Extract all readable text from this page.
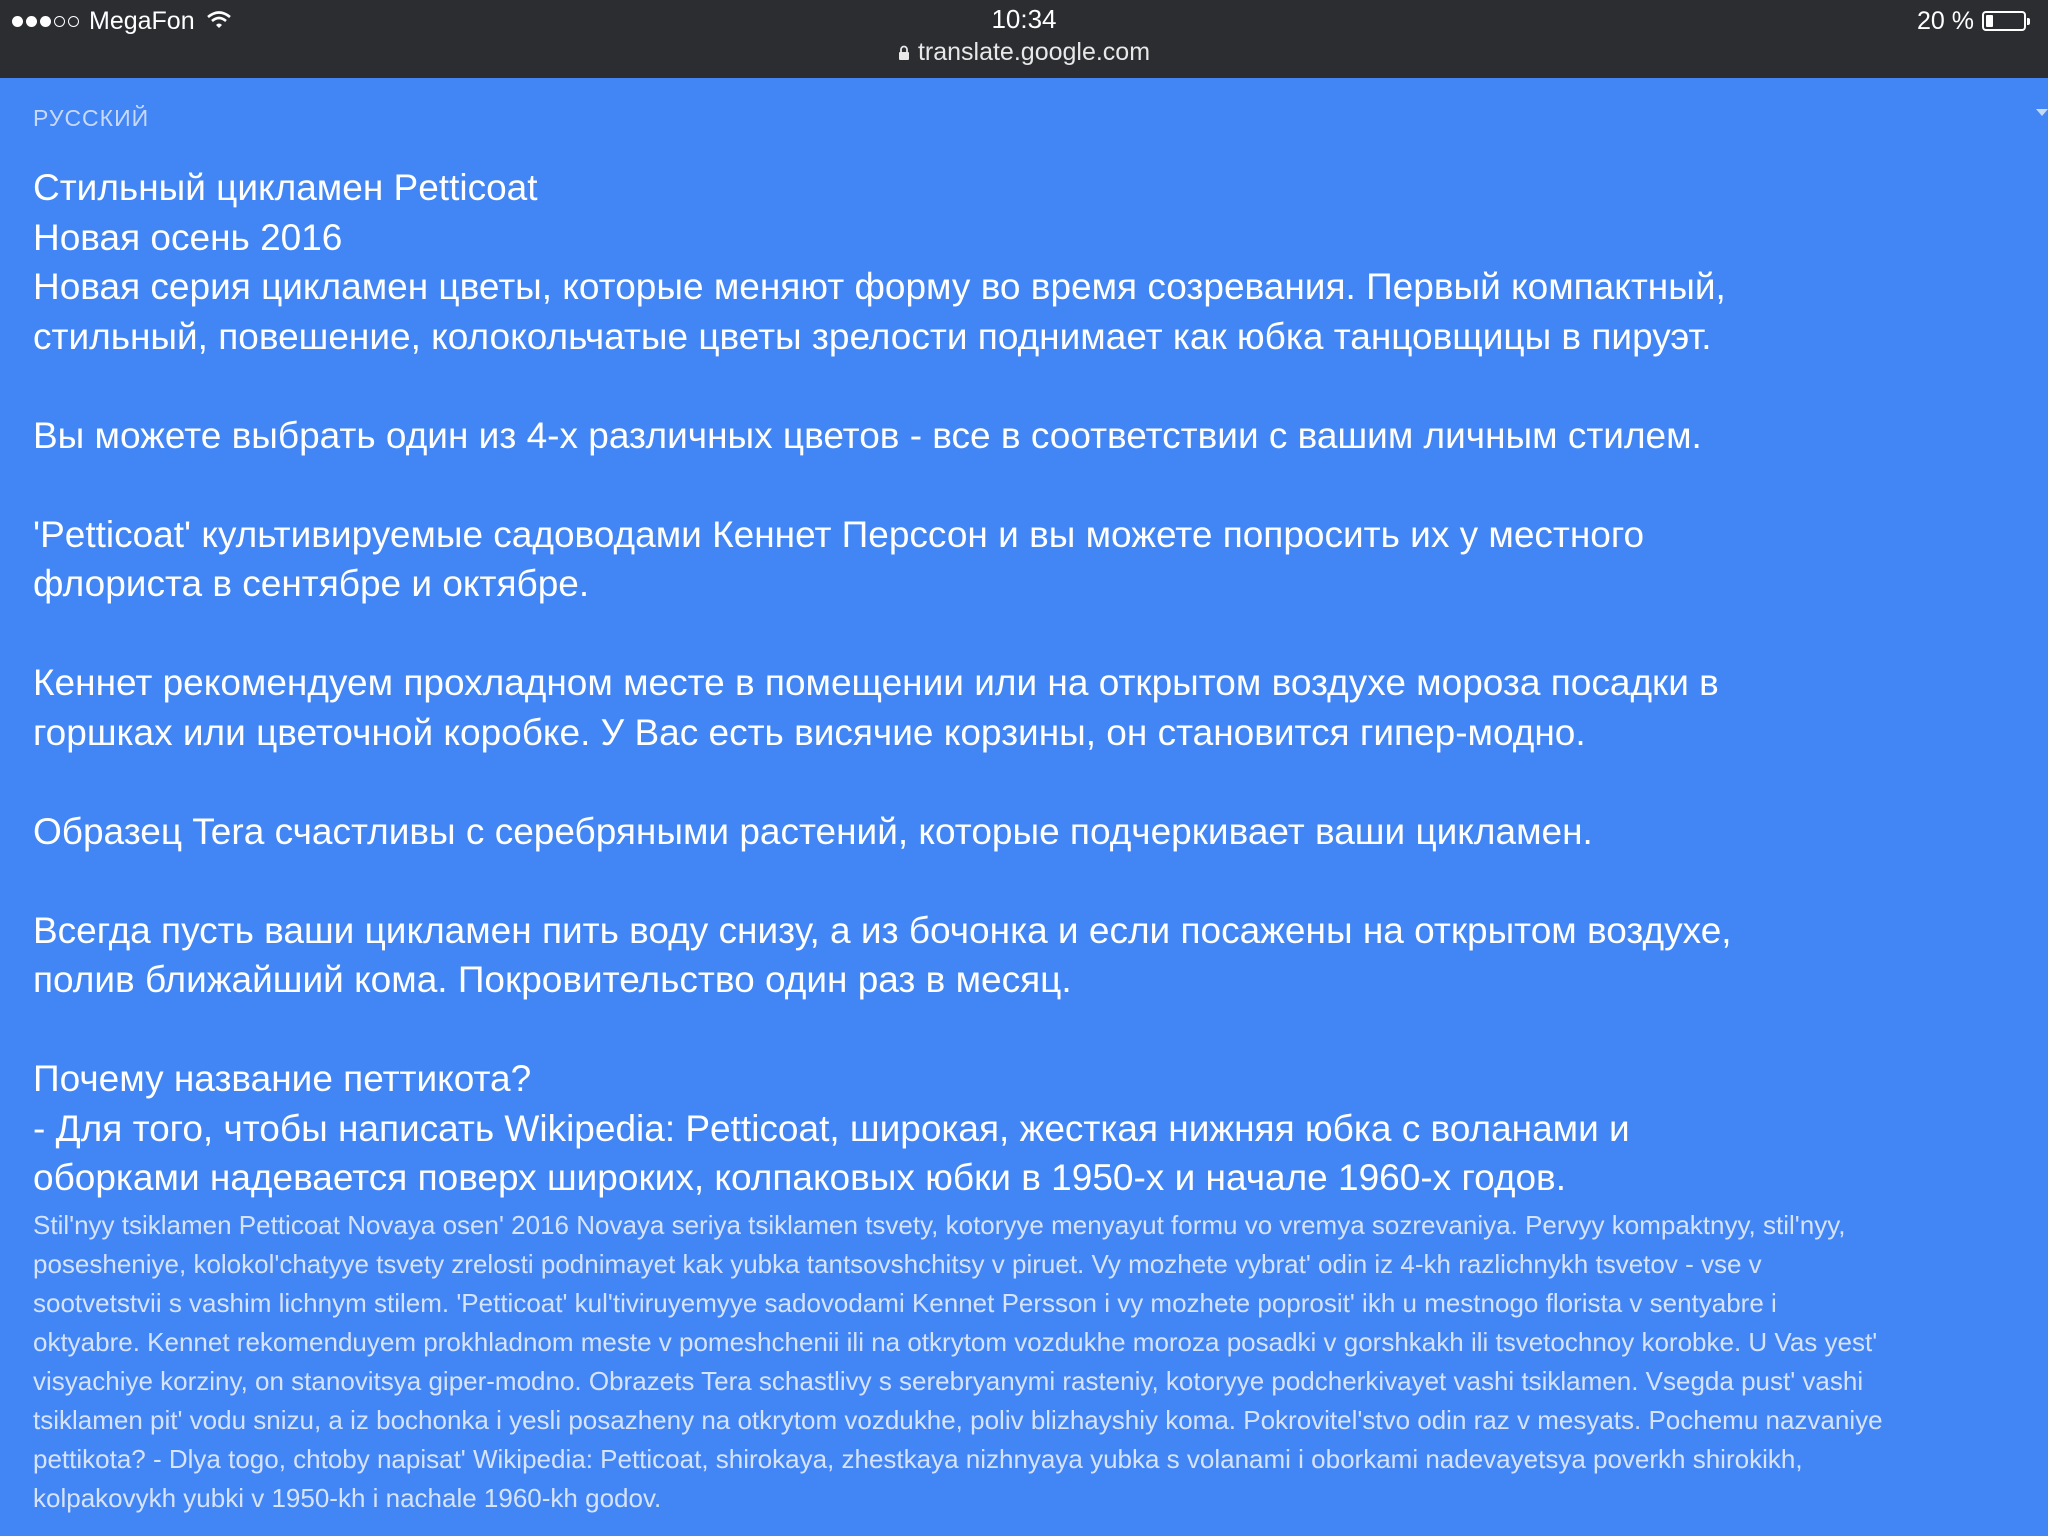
MegaFon	10:34
translate.google.com
20 %
РУССКИЙ

Стильный цикламен Petticoat
Новая осень 2016
Новая серия цикламен цветы, которые меняют форму во время созревания. Первый компактный,
стильный, повешение, колокольчатые цветы зрелости поднимает как юбка танцовщицы в пируэт.

Вы можете выбрать один из 4-х различных цветов - все в соответствии с вашим личным стилем.

'Petticoat' культивируемые садоводами Кеннет Перссон и вы можете попросить их у местного
флориста в сентябре и октябре.

Кеннет рекомендуем прохладном месте в помещении или на открытом воздухе мороза посадки в
горшках или цветочной коробке. У Вас есть висячие корзины, он становится гипер-модно.

Образец Tera счастливы с серебряными растений, которые подчеркивает ваши цикламен.

Всегда пусть ваши цикламен пить воду снизу, а из бочонка и если посажены на открытом воздухе,
полив ближайший кома. Покровительство один раз в месяц.

Почему название петтикота?
- Для того, чтобы написать Wikipedia: Petticoat, широкая, жесткая нижняя юбка с воланами и
оборками надевается поверх широких, колпаковых юбки в 1950-х и начале 1960-х годов.

Stil'nyy tsiklamen Petticoat Novaya osen' 2016 Novaya seriya tsiklamen tsvety, kotoryye menyayut formu vo vremya sozrevaniya. Pervyy kompaktnyy, stil'nyy,
posesheniye, kolokol'chatyye tsvety zrelosti podnimayet kak yubka tantsovshchitsy v piruet. Vy mozhete vybrat' odin iz 4-kh razlichnykh tsvetov - vse v
sootvetstvii s vashim lichnym stilem. 'Petticoat' kul'tiviruyemyye sadovodami Kennet Persson i vy mozhete poprosit' ikh u mestnogo florista v sentyabre i
oktyabre. Kennet rekomenduyem prokhladnom meste v pomeshchenii ili na otkrytom vozdukhe moroza posadki v gorshkakh ili tsvetochnoy korobke. U Vas yest'
visyachiye korziny, on stanovitsya giper-modno. Obrazets Tera schastlivy s serebryanymi rasteniy, kotoryye podcherkivayet vashi tsiklamen. Vsegda pust' vashi
tsiklamen pit' vodu snizu, a iz bochonka i yesli posazheny na otkrytom vozdukhe, poliv blizhayshiy koma. Pokrovitel'stvo odin raz v mesyats. Pochemu nazvaniye
pettikota? - Dlya togo, chtoby napisat' Wikipedia: Petticoat, shirokaya, zhestkaya nizhnyaya yubka s volanami i oborkami nadevayetsya poverkh shirokikh,
kolpakovykh yubki v 1950-kh i nachale 1960-kh godov.
